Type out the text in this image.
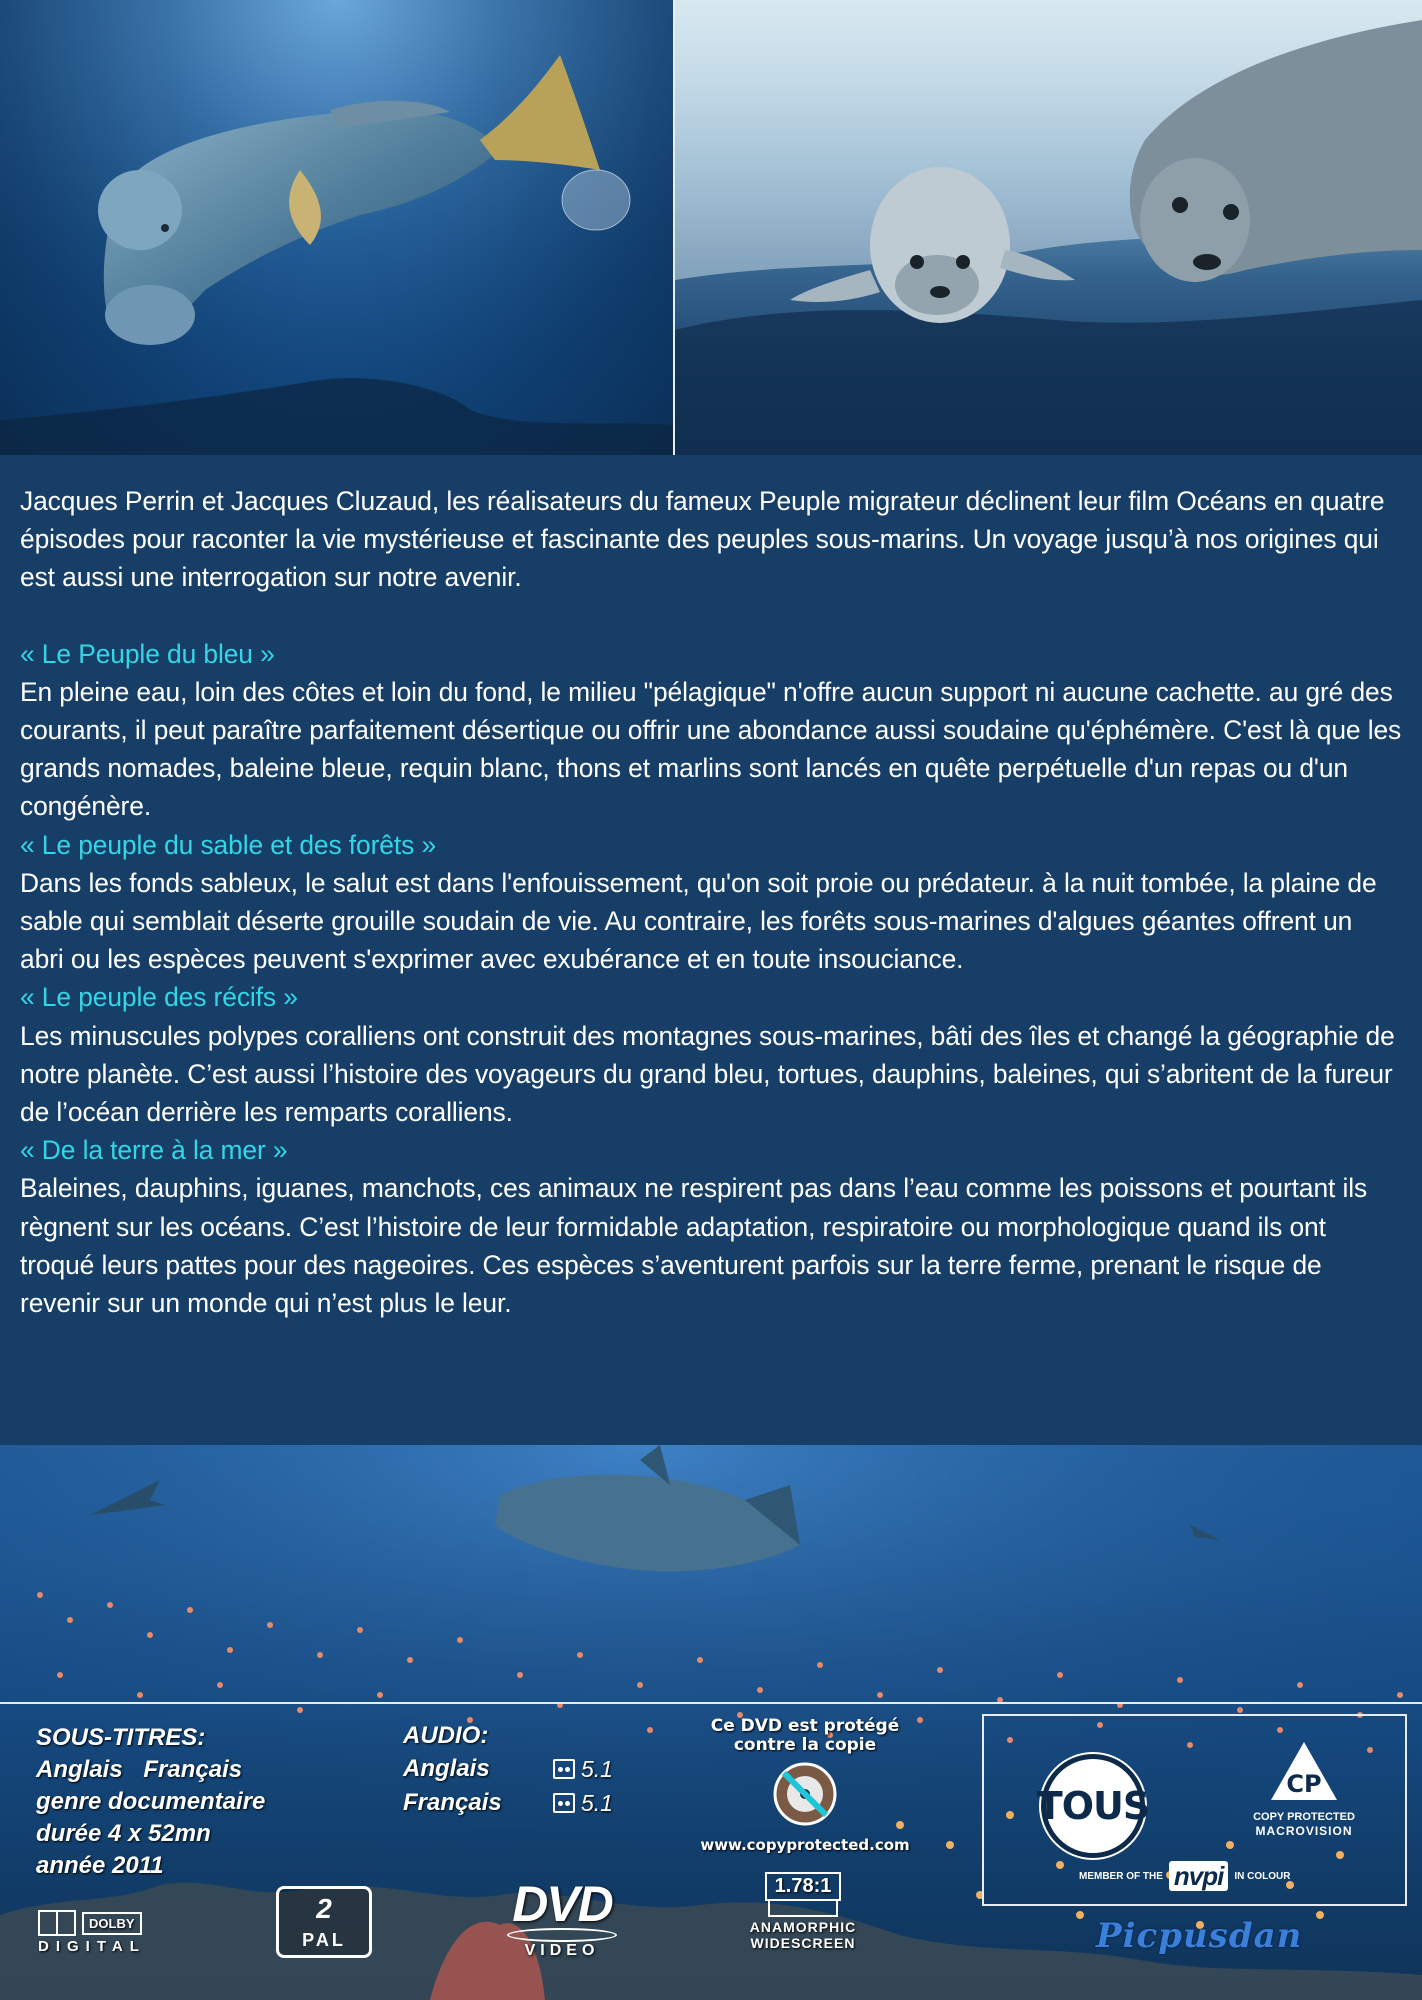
Jacques Perrin et Jacques Cluzaud, les réalisateurs du fameux Peuple migrateur déclinent leur film Océans en quatre épisodes pour raconter la vie mystérieuse et fascinante des peuples sous-marins. Un voyage jusqu’à nos origines qui est aussi une interrogation sur notre avenir.

« Le Peuple du bleu »

En pleine eau, loin des côtes et loin du fond, le milieu "pélagique" n'offre aucun support ni aucune cachette. au gré des courants, il peut paraître parfaitement désertique ou offrir une abondance aussi soudaine qu'éphémère. C'est là que les grands nomades, baleine bleue, requin blanc, thons et marlins sont lancés en quête perpétuelle d'un repas ou d'un congénère.

« Le peuple du sable et des forêts »

Dans les fonds sableux, le salut est dans l'enfouissement, qu'on soit proie ou prédateur. à la nuit tombée, la plaine de sable qui semblait déserte grouille soudain de vie. Au contraire, les forêts sous-marines d'algues géantes offrent un abri ou les espèces peuvent s'exprimer avec exubérance et en toute insouciance.

« Le peuple des récifs »

Les minuscules polypes coralliens ont construit des montagnes sous-marines, bâti des îles et changé la géographie de notre planète. C’est aussi l’histoire des voyageurs du grand bleu, tortues, dauphins, baleines, qui s’abritent de la fureur de l’océan derrière les remparts coralliens.

« De la terre à la mer »

Baleines, dauphins, iguanes, manchots, ces animaux ne respirent pas dans l’eau comme les poissons et pourtant ils règnent sur les océans. C’est l’histoire de leur formidable adaptation, respiratoire ou morphologique quand ils ont troqué leurs pattes pour des nageoires. Ces espèces s’aventurent parfois sur la terre ferme, prenant le risque de revenir sur un monde qui n’est plus le leur.

SOUS-TITRES:
Anglais Français
genre documentaire
durée 4 x 52mn
année 2011
AUDIO:
Anglais	5.1
Français	5.1
Ce DVD est protégé
contre la copie
www.copyprotected.com
TOUS	CP
COPY PROTECTED
MACROVISION
MEMBER OF THE nvpi	IN COLOUR
DOLBY
DIGITAL
2
PAL
DVD
VIDEO
1.78:1
ANAMORPHIC
WIDESCREEN	Picpusdan
